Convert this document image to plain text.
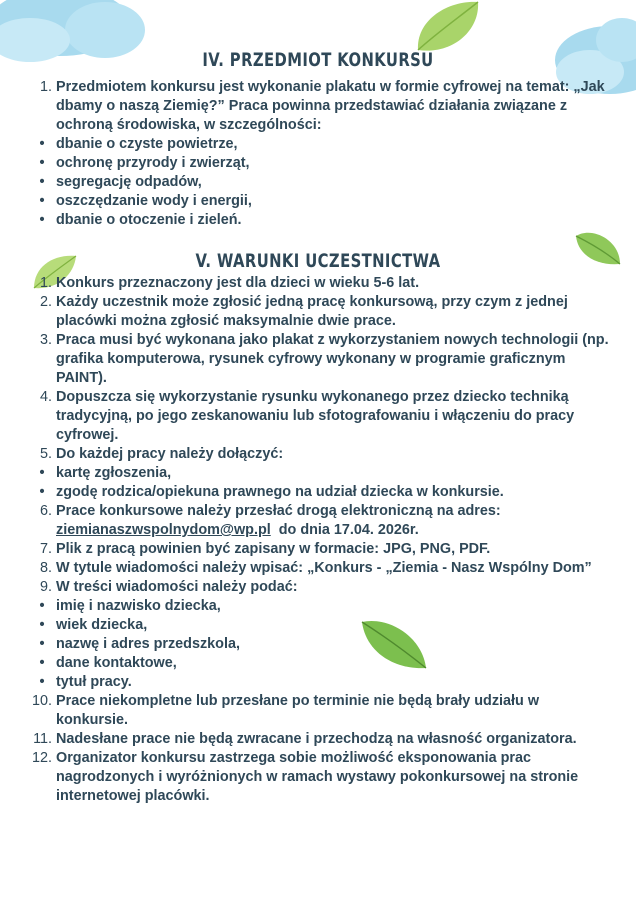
IV. PRZEDMIOT KONKURSU
1. Przedmiotem konkursu jest wykonanie plakatu w formie cyfrowej na temat: „Jak dbamy o naszą Ziemię?” Praca powinna przedstawiać działania związane z ochroną środowiska, w szczególności:
• dbanie o czyste powietrze,
• ochronę przyrody i zwierząt,
• segregację odpadów,
• oszczędzanie wody i energii,
• dbanie o otoczenie i zieleń.
V. WARUNKI UCZESTNICTWA
1. Konkurs przeznaczony jest dla dzieci w wieku 5-6 lat.
2. Każdy uczestnik może zgłosić jedną pracę konkursową, przy czym z jednej placówki można zgłosić maksymalnie dwie prace.
3. Praca musi być wykonana jako plakat z wykorzystaniem nowych technologii (np. grafika komputerowa, rysunek cyfrowy wykonany w programie graficznym PAINT).
4. Dopuszcza się wykorzystanie rysunku wykonanego przez dziecko techniką tradycyjną, po jego zeskanowaniu lub sfotografowaniu i włączeniu do pracy cyfrowej.
5. Do każdej pracy należy dołączyć:
• kartę zgłoszenia,
• zgodę rodzica/opiekuna prawnego na udział dziecka w konkursie.
6. Prace konkursowe należy przesłać drogą elektroniczną na adres: ziemianaszwspolnydom@wp.pl  do dnia 17.04. 2026r.
7. Plik z pracą powinien być zapisany w formacie: JPG, PNG, PDF.
8. W tytule wiadomości należy wpisać: „Konkurs - „Ziemia - Nasz Wspólny Dom”
9. W treści wiadomości należy podać:
• imię i nazwisko dziecka,
• wiek dziecka,
• nazwę i adres przedszkola,
• dane kontaktowe,
• tytuł pracy.
10. Prace niekompletne lub przesłane po terminie nie będą brały udziału w konkursie.
11. Nadesłane prace nie będą zwracane i przechodzą na własność organizatora.
12. Organizator konkursu zastrzega sobie możliwość eksponowania prac nagrodzonych i wyróżnionych w ramach wystawy pokonkursowej na stronie internetowej placówki.
